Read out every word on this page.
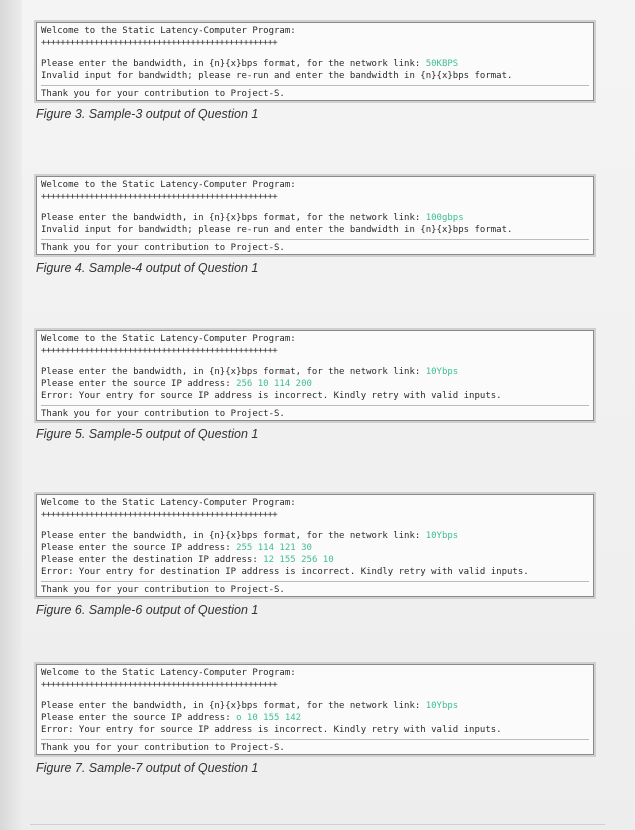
Welcome to the Static Latency-Computer Program:
+++++++++++++++++++++++++++++++++++++++++++++++++
Please enter the bandwidth, in {n}{x}bps format, for the network link: 50KBPS
Invalid input for bandwidth; please re-run and enter the bandwidth in {n}{x}bps format.
Thank you for your contribution to Project-S.
Figure 3. Sample-3 output of Question 1
Welcome to the Static Latency-Computer Program:
+++++++++++++++++++++++++++++++++++++++++++++++++
Please enter the bandwidth, in {n}{x}bps format, for the network link: 100gbps
Invalid input for bandwidth; please re-run and enter the bandwidth in {n}{x}bps format.
Thank you for your contribution to Project-S.
Figure 4. Sample-4 output of Question 1
Welcome to the Static Latency-Computer Program:
+++++++++++++++++++++++++++++++++++++++++++++++++
Please enter the bandwidth, in {n}{x}bps format, for the network link: 10Ybps
Please enter the source IP address: 256 10 114 200
Error: Your entry for source IP address is incorrect. Kindly retry with valid inputs.
Thank you for your contribution to Project-S.
Figure 5. Sample-5 output of Question 1
Welcome to the Static Latency-Computer Program:
+++++++++++++++++++++++++++++++++++++++++++++++++
Please enter the bandwidth, in {n}{x}bps format, for the network link: 10Ybps
Please enter the source IP address: 255 114 121 30
Please enter the destination IP address: 12 155 256 10
Error: Your entry for destination IP address is incorrect. Kindly retry with valid inputs.
Thank you for your contribution to Project-S.
Figure 6. Sample-6 output of Question 1
Welcome to the Static Latency-Computer Program:
+++++++++++++++++++++++++++++++++++++++++++++++++
Please enter the bandwidth, in {n}{x}bps format, for the network link: 10Ybps
Please enter the source IP address: o 10 155 142
Error: Your entry for source IP address is incorrect. Kindly retry with valid inputs.
Thank you for your contribution to Project-S.
Figure 7. Sample-7 output of Question 1
